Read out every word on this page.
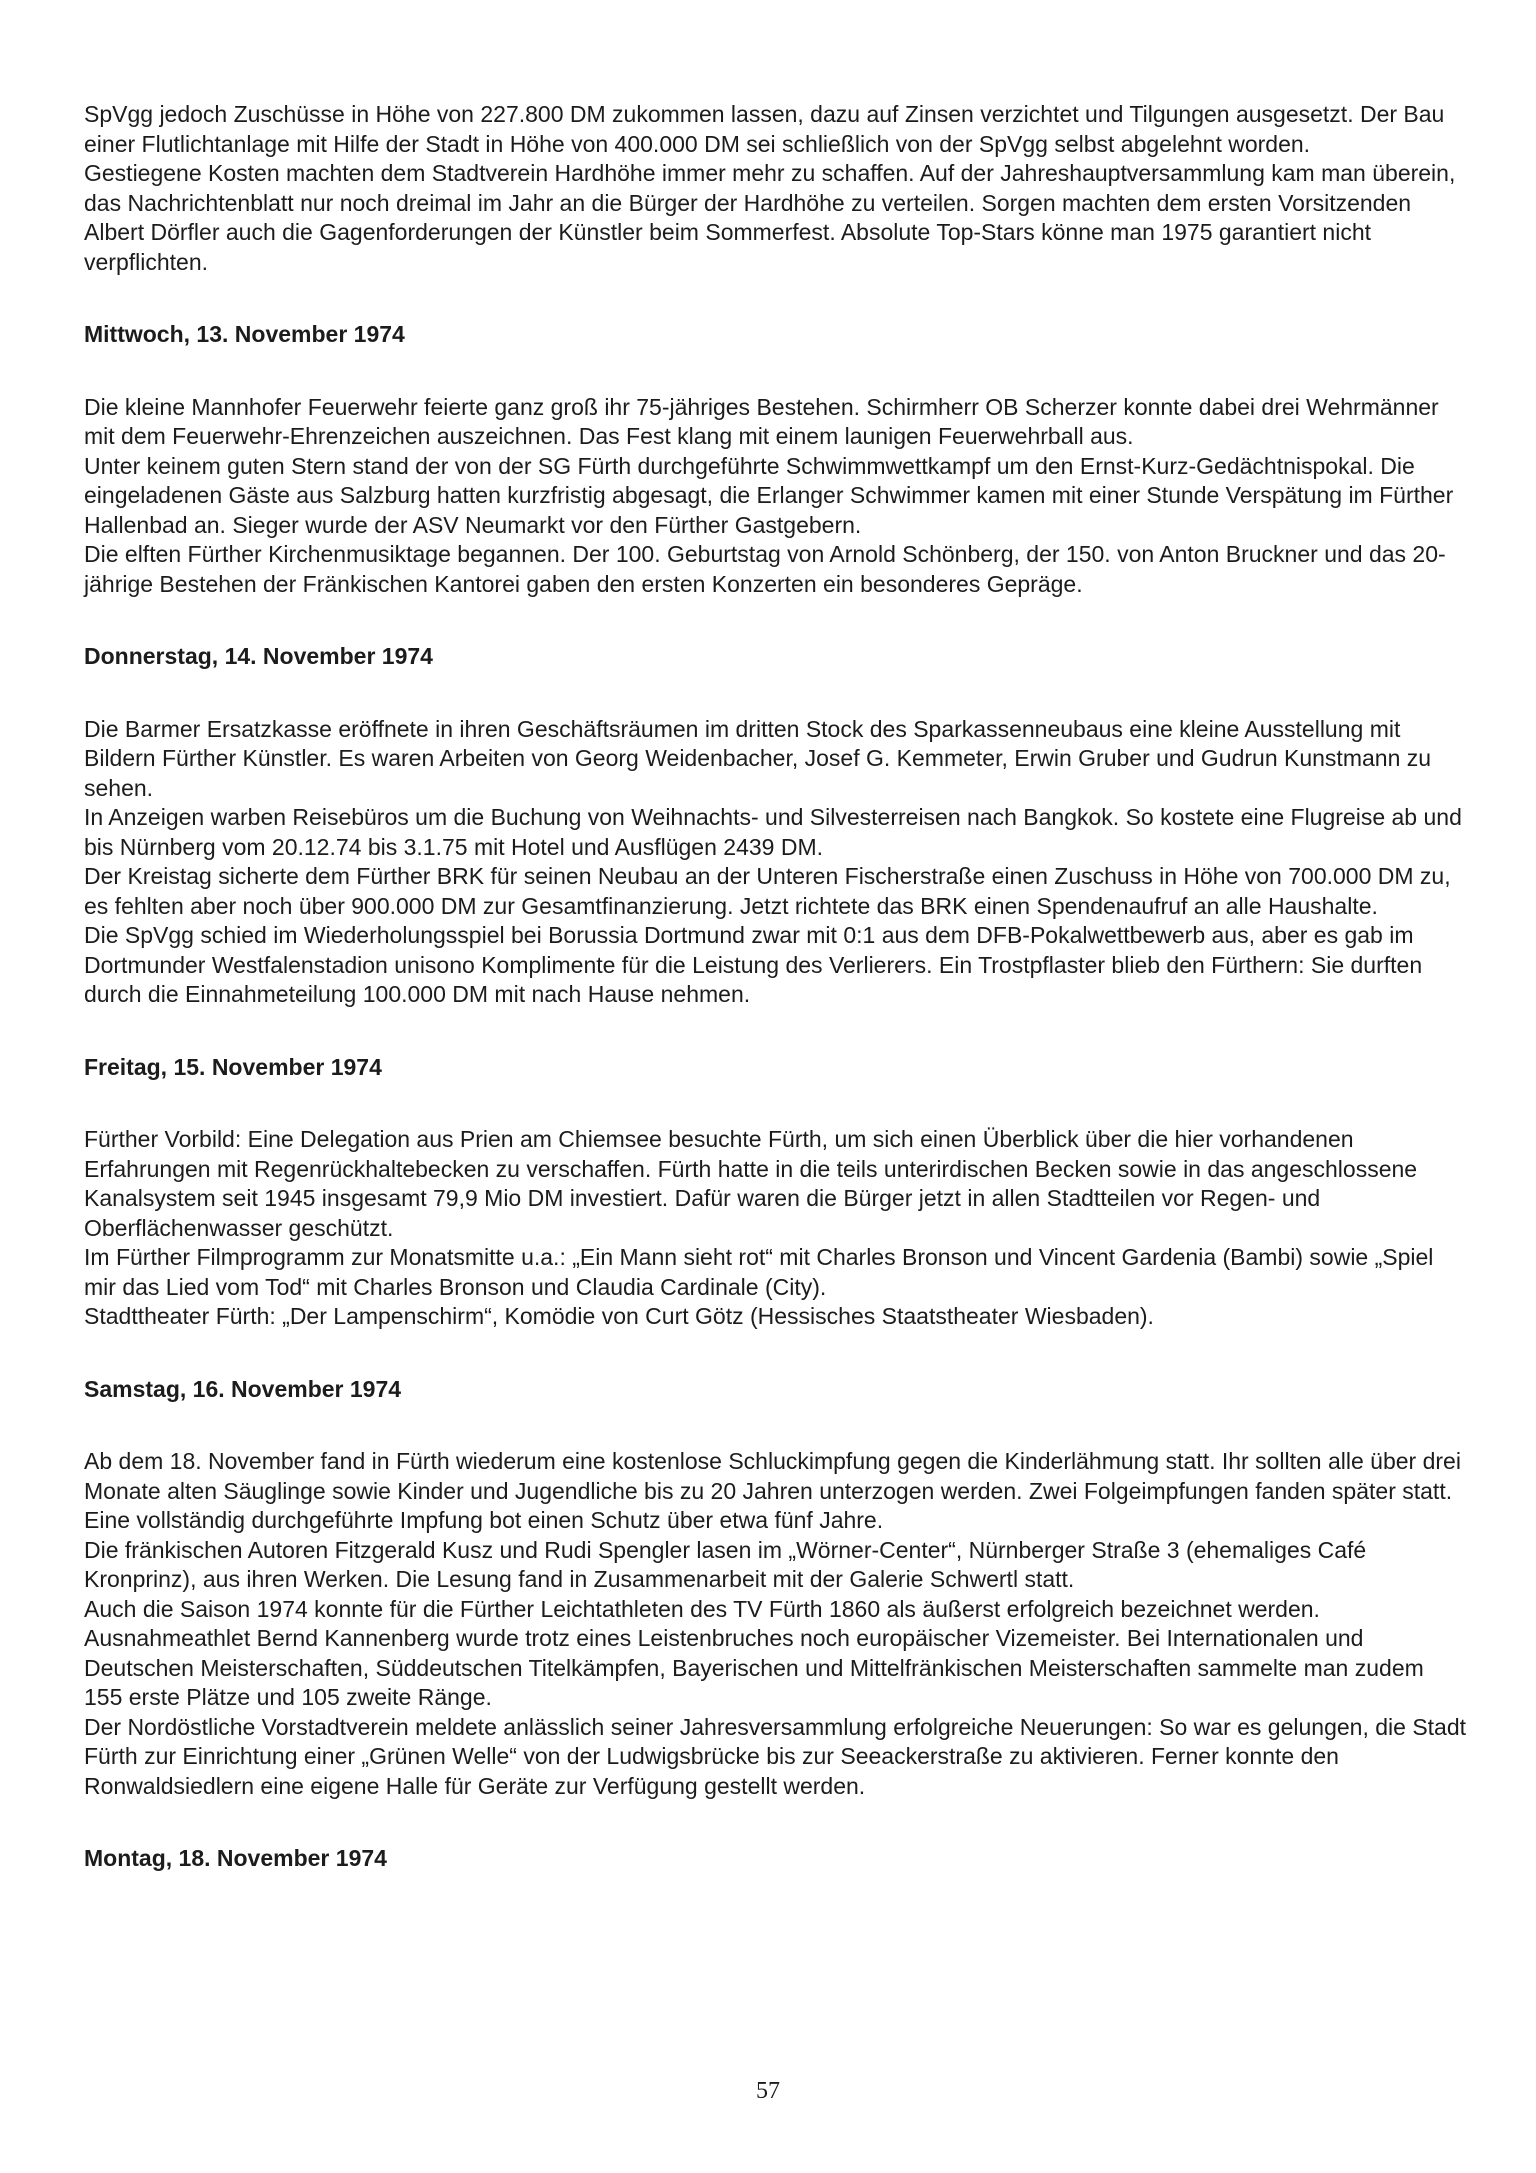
SpVgg jedoch Zuschüsse in Höhe von 227.800 DM zukommen lassen, dazu auf Zinsen verzichtet und Tilgungen ausgesetzt. Der Bau einer Flutlichtanlage mit Hilfe der Stadt in Höhe von 400.000 DM sei schließlich von der SpVgg selbst abgelehnt worden.

Gestiegene Kosten machten dem Stadtverein Hardhöhe immer mehr zu schaffen. Auf der Jahreshauptversammlung kam man überein, das Nachrichtenblatt nur noch dreimal im Jahr an die Bürger der Hardhöhe zu verteilen. Sorgen machten dem ersten Vorsitzenden Albert Dörfler auch die Gagenforderungen der Künstler beim Sommerfest. Absolute Top-Stars könne man 1975 garantiert nicht verpflichten.

Mittwoch, 13. November 1974

Die kleine Mannhofer Feuerwehr feierte ganz groß ihr 75-jähriges Bestehen. Schirmherr OB Scherzer konnte dabei drei Wehrmänner mit dem Feuerwehr-Ehrenzeichen auszeichnen. Das Fest klang mit einem launigen Feuerwehrball aus.

Unter keinem guten Stern stand der von der SG Fürth durchgeführte Schwimmwettkampf um den Ernst-Kurz-Gedächtnispokal. Die eingeladenen Gäste aus Salzburg hatten kurzfristig abgesagt, die Erlanger Schwimmer kamen mit einer Stunde Verspätung im Fürther Hallenbad an. Sieger wurde der ASV Neumarkt vor den Fürther Gastgebern.

Die elften Fürther Kirchenmusiktage begannen. Der 100. Geburtstag von Arnold Schönberg, der 150. von Anton Bruckner und das 20-jährige Bestehen der Fränkischen Kantorei gaben den ersten Konzerten ein besonderes Gepräge.

Donnerstag, 14. November 1974

Die Barmer Ersatzkasse eröffnete in ihren Geschäftsräumen im dritten Stock des Sparkassenneubaus eine kleine Ausstellung mit Bildern Fürther Künstler. Es waren Arbeiten von Georg Weidenbacher, Josef G. Kemmeter, Erwin Gruber und Gudrun Kunstmann zu sehen.

In Anzeigen warben Reisebüros um die Buchung von Weihnachts- und Silvesterreisen nach Bangkok. So kostete eine Flugreise ab und bis Nürnberg vom 20.12.74 bis 3.1.75 mit Hotel und Ausflügen 2439 DM.

Der Kreistag sicherte dem Fürther BRK für seinen Neubau an der Unteren Fischerstraße einen Zuschuss in Höhe von 700.000 DM zu, es fehlten aber noch über 900.000 DM zur Gesamtfinanzierung. Jetzt richtete das BRK einen Spendenaufruf an alle Haushalte.

Die SpVgg schied im Wiederholungsspiel bei Borussia Dortmund zwar mit 0:1 aus dem DFB-Pokalwettbewerb aus, aber es gab im Dortmunder Westfalenstadion unisono Komplimente für die Leistung des Verlierers. Ein Trostpflaster blieb den Fürthern: Sie durften durch die Einnahmeteilung 100.000 DM mit nach Hause nehmen.

Freitag, 15. November 1974

Fürther Vorbild: Eine Delegation aus Prien am Chiemsee besuchte Fürth, um sich einen Überblick über die hier vorhandenen Erfahrungen mit Regenrückhaltebecken zu verschaffen. Fürth hatte in die teils unterirdischen Becken sowie in das angeschlossene Kanalsystem seit 1945 insgesamt 79,9 Mio DM investiert. Dafür waren die Bürger jetzt in allen Stadtteilen vor Regen- und Oberflächenwasser geschützt.

Im Fürther Filmprogramm zur Monatsmitte u.a.: „Ein Mann sieht rot“ mit Charles Bronson und Vincent Gardenia (Bambi) sowie „Spiel mir das Lied vom Tod“ mit Charles Bronson und Claudia Cardinale (City).

Stadttheater Fürth: „Der Lampenschirm“, Komödie von Curt Götz (Hessisches Staatstheater Wiesbaden).

Samstag, 16. November 1974

Ab dem 18. November fand in Fürth wiederum eine kostenlose Schluckimpfung gegen die Kinderlähmung statt. Ihr sollten alle über drei Monate alten Säuglinge sowie Kinder und Jugendliche bis zu 20 Jahren unterzogen werden. Zwei Folgeimpfungen fanden später statt. Eine vollständig durchgeführte Impfung bot einen Schutz über etwa fünf Jahre.

Die fränkischen Autoren Fitzgerald Kusz und Rudi Spengler lasen im „Wörner-Center“, Nürnberger Straße 3 (ehemaliges Café Kronprinz), aus ihren Werken. Die Lesung fand in Zusammenarbeit mit der Galerie Schwertl statt.

Auch die Saison 1974 konnte für die Fürther Leichtathleten des TV Fürth 1860 als äußerst erfolgreich bezeichnet werden. Ausnahmeathlet Bernd Kannenberg wurde trotz eines Leistenbruches noch europäischer Vizemeister. Bei Internationalen und Deutschen Meisterschaften, Süddeutschen Titelkämpfen, Bayerischen und Mittelfränkischen Meisterschaften sammelte man zudem 155 erste Plätze und 105 zweite Ränge.

Der Nordöstliche Vorstadtverein meldete anlässlich seiner Jahresversammlung erfolgreiche Neuerungen: So war es gelungen, die Stadt Fürth zur Einrichtung einer „Grünen Welle“ von der Ludwigsbrücke bis zur Seeackerstraße zu aktivieren. Ferner konnte den Ronwaldsiedlern eine eigene Halle für Geräte zur Verfügung gestellt werden.

Montag, 18. November 1974

57
